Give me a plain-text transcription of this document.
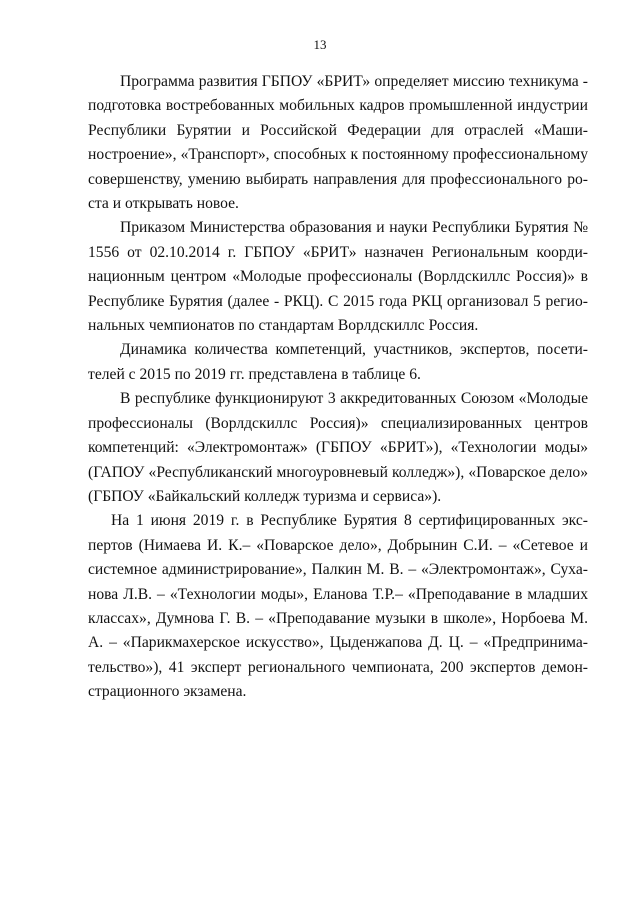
13

Программа развития ГБПОУ «БРИТ» определяет миссию техникума - подготовка востребованных мобильных кадров промышленной индустрии Республики Бурятии и Российской Федерации для отраслей «Машиностроение», «Транспорт», способных к постоянному профессиональному совершенству, умению выбирать направления для профессионального роста и открывать новое.

Приказом Министерства образования и науки Республики Бурятия № 1556 от 02.10.2014 г. ГБПОУ «БРИТ» назначен Региональным координационным центром «Молодые профессионалы (Ворлдскиллс Россия)» в Республике Бурятия (далее - РКЦ). С 2015 года РКЦ организовал 5 региональных чемпионатов по стандартам Ворлдскиллс Россия.

Динамика количества компетенций, участников, экспертов, посетителей с 2015 по 2019 гг. представлена в таблице 6.

В республике функционируют 3 аккредитованных Союзом «Молодые профессионалы (Ворлдскиллс Россия)» специализированных центров компетенций: «Электромонтаж» (ГБПОУ «БРИТ»), «Технологии моды» (ГАПОУ «Республиканский многоуровневый колледж»), «Поварское дело» (ГБПОУ «Байкальский колледж туризма и сервиса»).

На 1 июня 2019 г. в Республике Бурятия 8 сертифицированных экспертов (Нимаева И. К.– «Поварское дело», Добрынин С.И. – «Сетевое и системное администрирование», Палкин М. В. – «Электромонтаж», Суханова Л.В. – «Технологии моды», Еланова Т.Р.– «Преподавание в младших классах», Думнова Г. В. – «Преподавание музыки в школе», Норбоева М. А. – «Парикмахерское искусство», Цыденжапова Д. Ц. – «Предпринимательство»), 41 эксперт регионального чемпионата, 200 экспертов демонстрационного экзамена.
